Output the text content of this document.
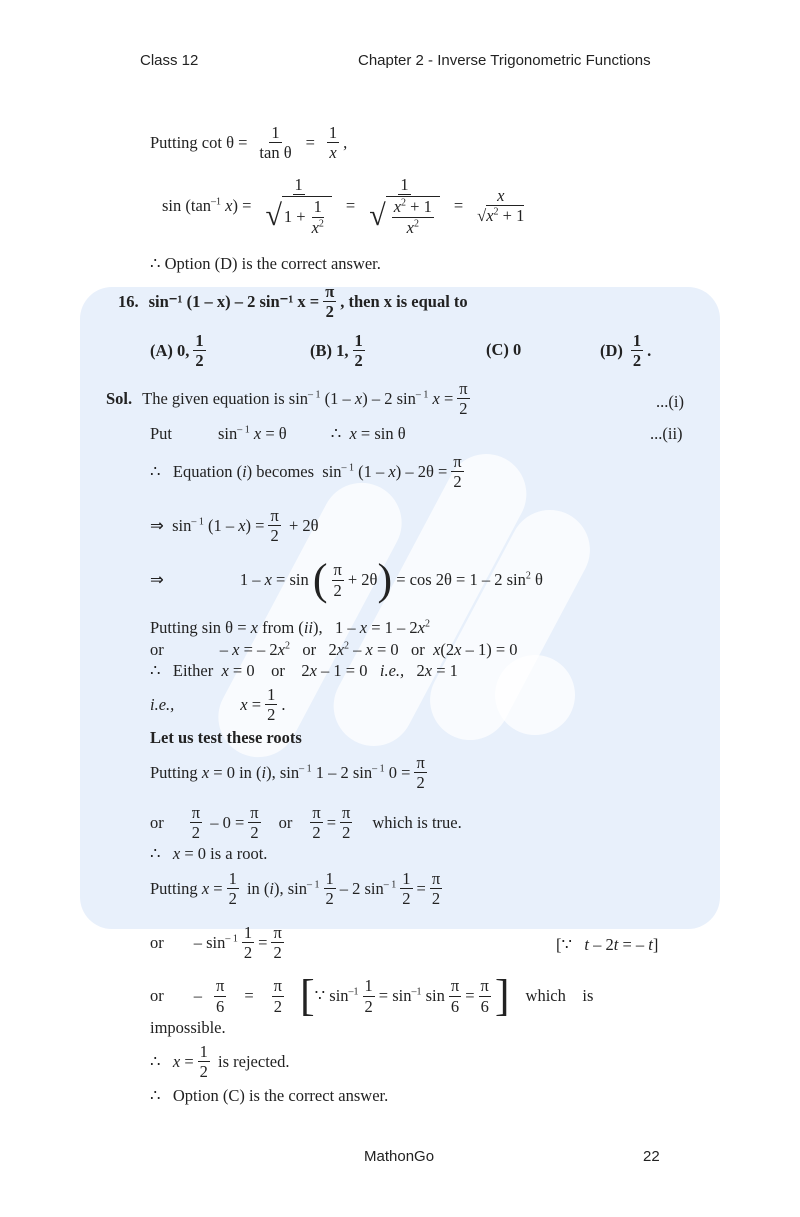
Class 12	Chapter 2 - Inverse Trigonometric Functions
Putting $\cot \theta = \frac{1}{\text{tan θ}} = \frac{1}{x}$ ,
$\sin (\tan^{-1}$ $x) = \frac{1}{√ 1 + \frac{1}{x^2}} = \frac{1}{√ \frac{x^2 + 1}{x^2}} = \frac{x}{√x^2 + 1}$
∴ Option (D) is the correct answer.
16. sin⁻¹ (1 – x) – 2 sin⁻¹ $x = \frac{\pi}{2}$ , then x is equal to
(A)
0, $\frac{1}{2}$	(B)
1, $\frac{1}{2}$	(C)
0	$(D) \frac{1}{2}$ .
Sol. The given equation is $\sin^{- 1} (1 - x) - 2$ $\sin^{- 1} x = \frac{\pi}{2}$	...(i)
Put	$\sin^{- 1} x = \theta$	∴  x = sin θ	...(ii)
∴   Equation (i) becomes  $\sin^{- 1} (1 - x) - 2\theta = \frac{\pi}{2}$
⇒  $\sin^{- 1} (1 - x) = \frac{\pi}{2} + 2\theta$
⇒	1 – x = sin ( $\frac{\pi}{2} + 2\theta$ ) = cos 2θ = 1 – 2 $\sin^2 \theta$
Putting sin θ = x from (ii),   $1 - x = 1 - 2x^2$
or	– x = – $2x^2$   or   $2x^2 - x = 0$   or  x(2x – 1) = 0
∴   Either  x = 0    or    2x – 1 = 0   i.e.,   2x = 1
i.e.,	$x = \frac{1}{2}$ .
Let us test these roots
Putting x = 0 in (i), $\sin^{- 1} 1 - 2$ $\sin^{- 1} 0 = \frac{\pi}{2}$
or $\frac{\pi}{2} - 0 = \frac{\pi}{2}$ or $\frac{\pi}{2} = \frac{\pi}{2}$ which is true.
∴   x = 0 is a root.
Putting $x = \frac{1}{2}$ in (i), $\sin^{- 1} \frac{1}{2} - 2$ $\sin^{- 1} \frac{1}{2} = \frac{\pi}{2}$
or – $\sin^{- 1} \frac{1}{2} = \frac{\pi}{2}$	[∵   t – 2t = – t]
or – $\frac{\pi}{6} = \frac{\pi}{2}$ [ ∵ $\sin^{-1} \frac{1}{2} = \sin^{-1} \sin \frac{\pi}{6} = \frac{\pi}{6}$ ] which    is
impossible.
∴   $x = \frac{1}{2}$ is rejected.
∴   Option (C) is the correct answer.
MathonGo	22
